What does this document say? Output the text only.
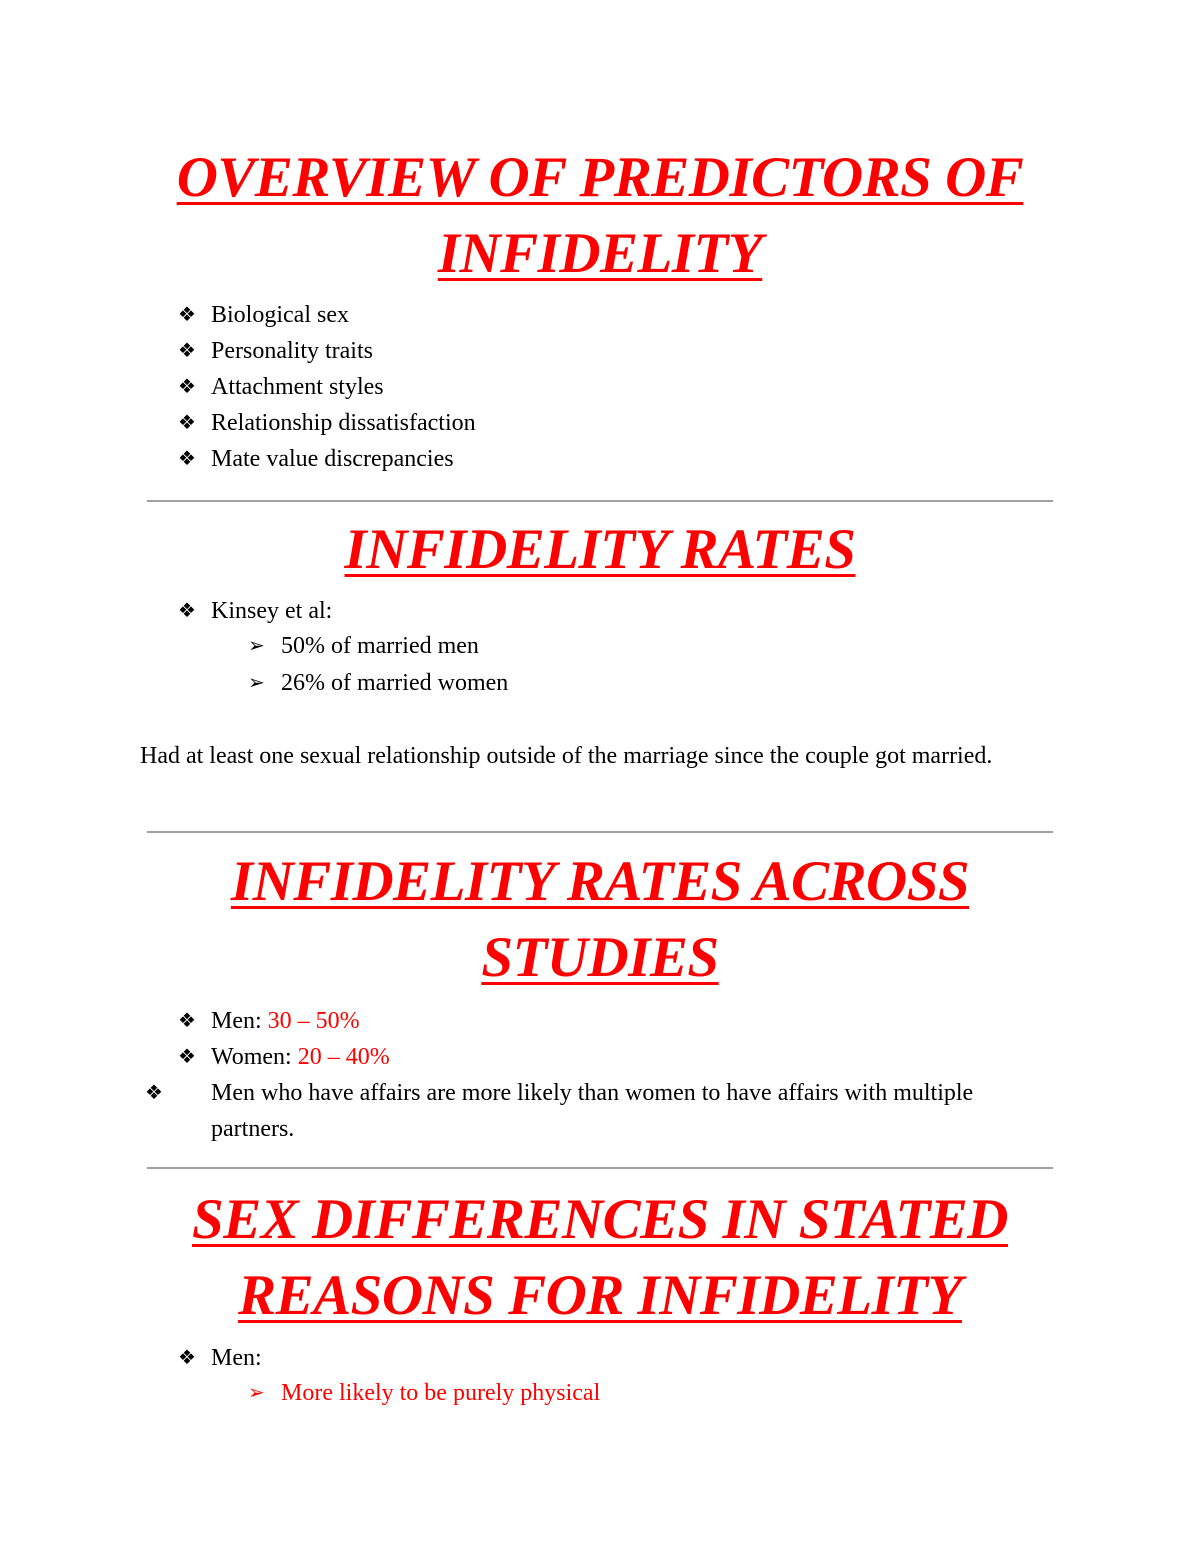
OVERVIEW OF PREDICTORS OF
INFIDELITY

❖ Biological sex

❖ Personality traits

❖ Attachment styles

❖ Relationship dissatisfaction

❖ Mate value discrepancies

INFIDELITY RATES

❖ Kinsey et al:

➢ 50% of married men

➢ 26% of married women

Had at least one sexual relationship outside of the marriage since the couple got married.

INFIDELITY RATES ACROSS
STUDIES

❖ Men: 30 – 50%

❖ Women: 20 – 40%

❖ Men who have affairs are more likely than women to have affairs with multiple partners.

SEX DIFFERENCES IN STATED
REASONS FOR INFIDELITY

❖ Men:

➢ More likely to be purely physical
